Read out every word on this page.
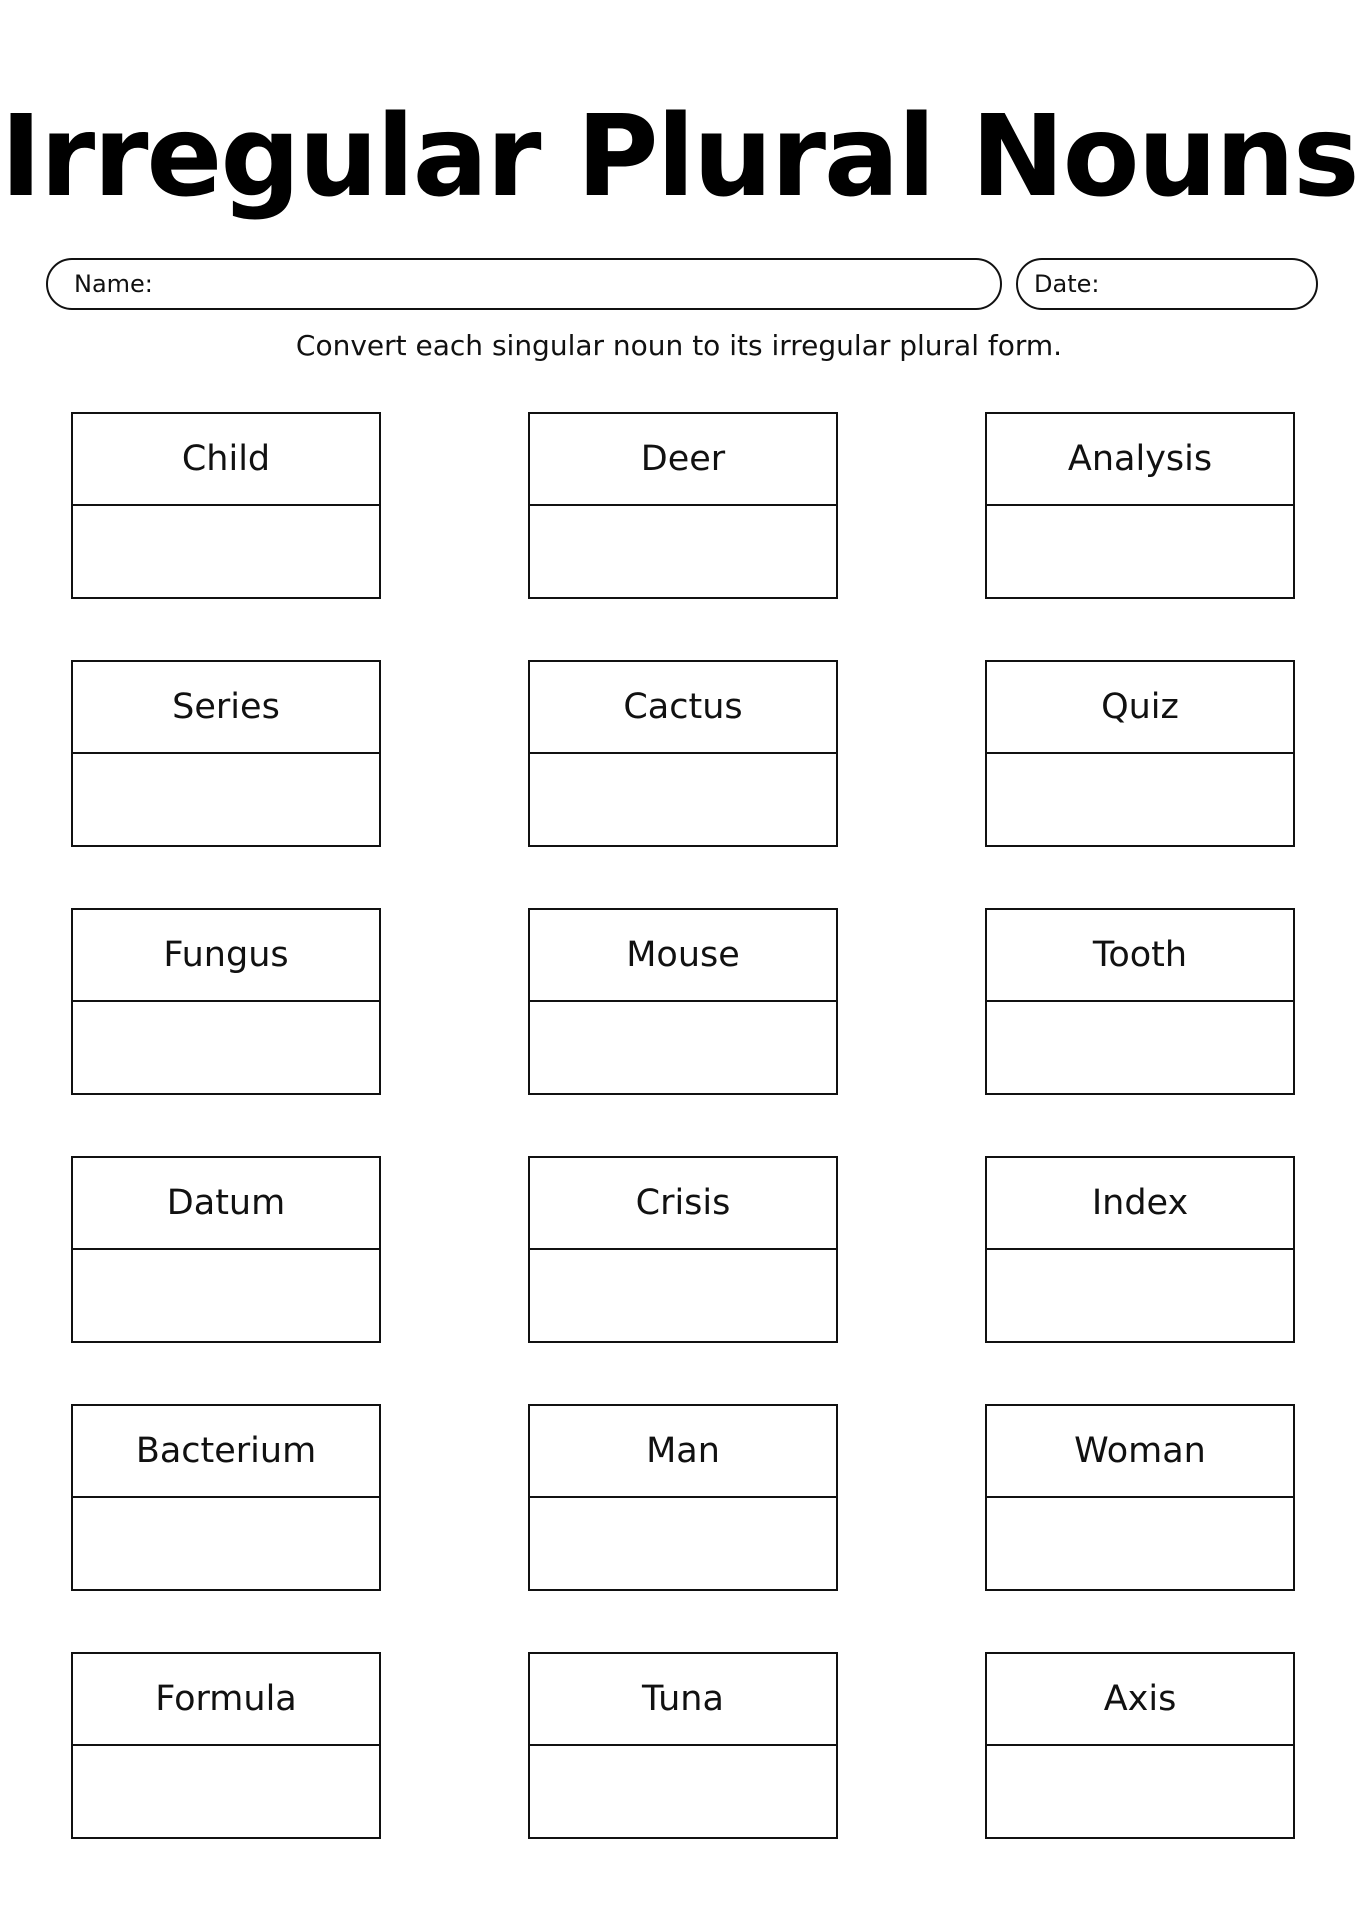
Irregular Plural Nouns
Name:	Date:

Convert each singular noun to its irregular plural form.

Child	Deer	Analysis
Series	Cactus	Quiz
Fungus	Mouse	Tooth
Datum	Crisis	Index
Bacterium	Man	Woman
Formula	Tuna	Axis
